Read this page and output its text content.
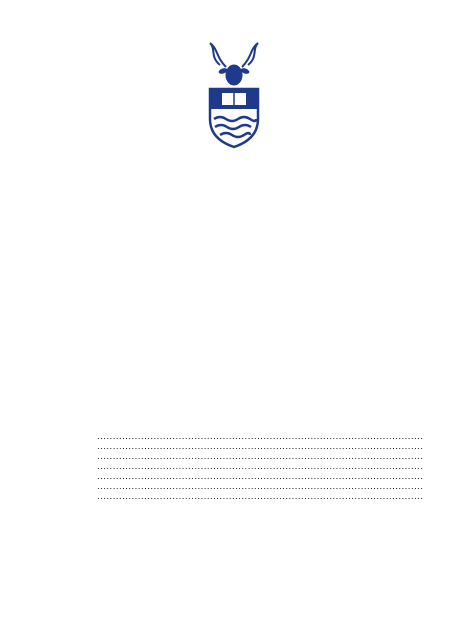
........................................................................................................
........................................................................................................
........................................................................................................
........................................................................................................
........................................................................................................
........................................................................................................
........................................................................................................
